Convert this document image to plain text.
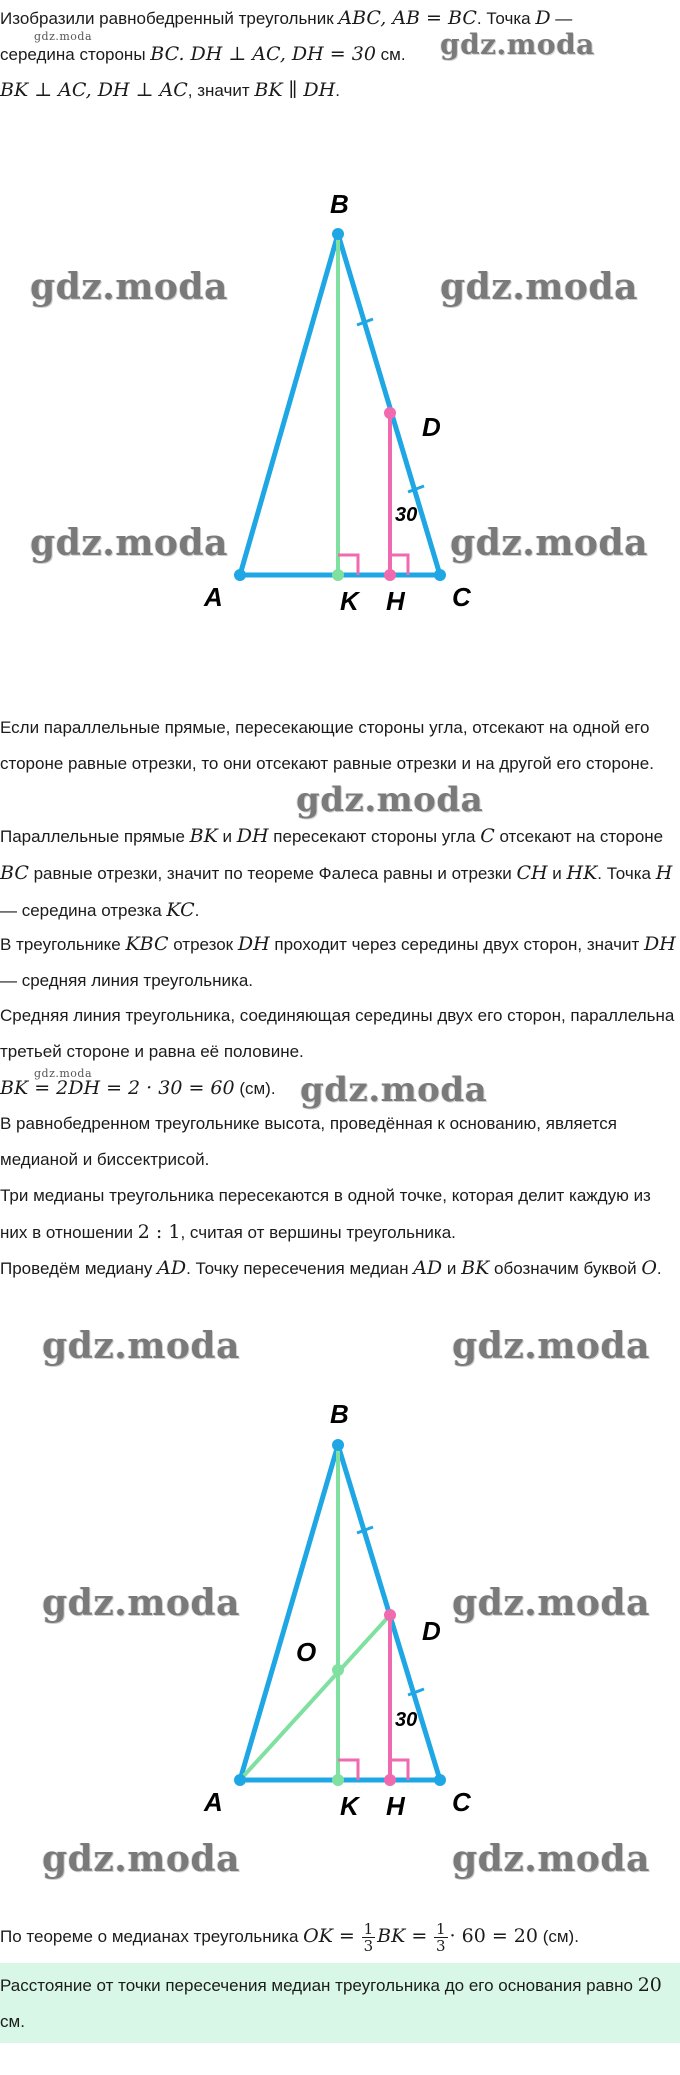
Изобразили равнобедренный треугольник ABC, AB = BC. Точка D —

середина стороны BC. DH ⊥ AC, DH = 30 см.

BK ⊥ AC, DH ⊥ AC, значит BK ∥ DH.

gdz.moda	gdz.moda
B
D
A	K H C
30
gdz.moda	gdz.moda
gdz.moda	gdz.moda

Если параллельные прямые, пересекающие стороны угла, отсекают на одной его стороне равные отрезки, то они отсекают равные отрезки и на другой его стороне.

gdz.moda

Параллельные прямые BK и DH пересекают стороны угла C отсекают на стороне BC равные отрезки, значит по теореме Фалеса равны и отрезки CH и HK. Точка H — середина отрезка KC.

В треугольнике KBC отрезок DH проходит через середины двух сторон, значит DH — средняя линия треугольника.

Средняя линия треугольника, соединяющая середины двух его сторон, параллельна третьей стороне и равна её половине.

BK = 2DH = 2 · 30 = 60 (см).

gdz.moda	gdz.moda

В равнобедренном треугольнике высота, проведённая к основанию, является медианой и биссектрисой.

Три медианы треугольника пересекаются в одной точке, которая делит каждую из них в отношении 2 : 1, считая от вершины треугольника.

Проведём медиану AD. Точку пересечения медиан AD и BK обозначим буквой O.

B
D
O
A	K H C
30
gdz.moda	gdz.moda
gdz.moda	gdz.moda
gdz.moda	gdz.moda

По теореме о медианах треугольника OK = $\frac{1}{3}$ BK = $\frac{1}{3} \cdot 60 = 20$ (см).

Расстояние от точки пересечения медиан треугольника до его основания равно 20 см.
